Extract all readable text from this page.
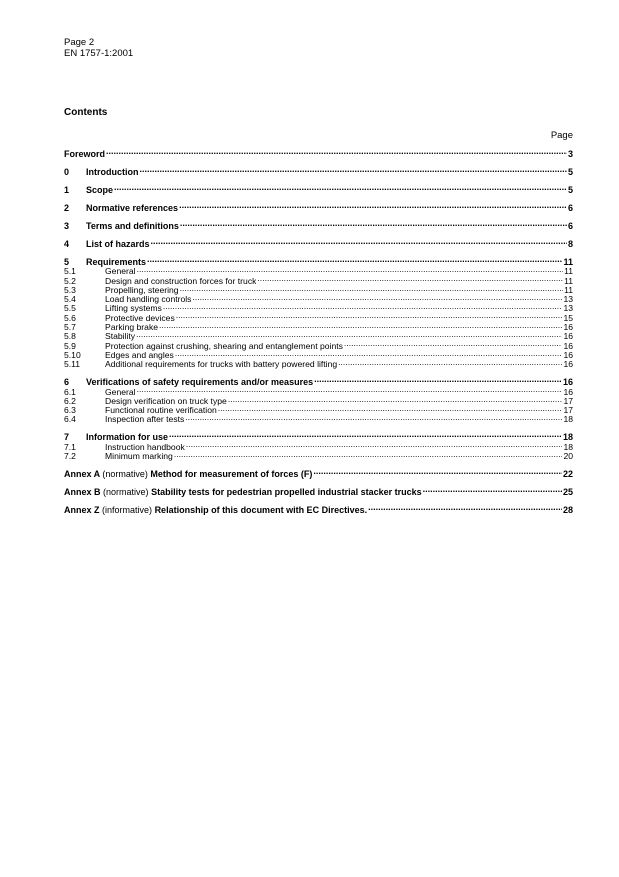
Page 2
EN 1757-1:2001
Contents
Page
Foreword .....	3
0	Introduction .....	5
1	Scope .....	5
2	Normative references .....	6
3	Terms and definitions .....	6
4	List of hazards .....	8
5	Requirements .....	11
5.1	General .....	11
5.2	Design and construction forces for truck .....	11
5.3	Propelling, steering .....	11
5.4	Load handling controls .....	13
5.5	Lifting systems .....	13
5.6	Protective devices .....	15
5.7	Parking brake .....	16
5.8	Stability .....	16
5.9	Protection against crushing, shearing and entanglement points .....	16
5.10	Edges and angles .....	16
5.11	Additional requirements for trucks with battery powered lifting .....	16
6	Verifications of safety requirements and/or measures .....	16
6.1	General .....	16
6.2	Design verification on truck type .....	17
6.3	Functional routine verification .....	17
6.4	Inspection after tests .....	18
7	Information for use .....	18
7.1	Instruction handbook .....	18
7.2	Minimum marking .....	20
Annex A (normative) Method for measurement of forces (F) .....	22
Annex B (normative) Stability tests for pedestrian propelled industrial stacker trucks .....	25
Annex Z (informative) Relationship of this document with EC Directives. .....	28
